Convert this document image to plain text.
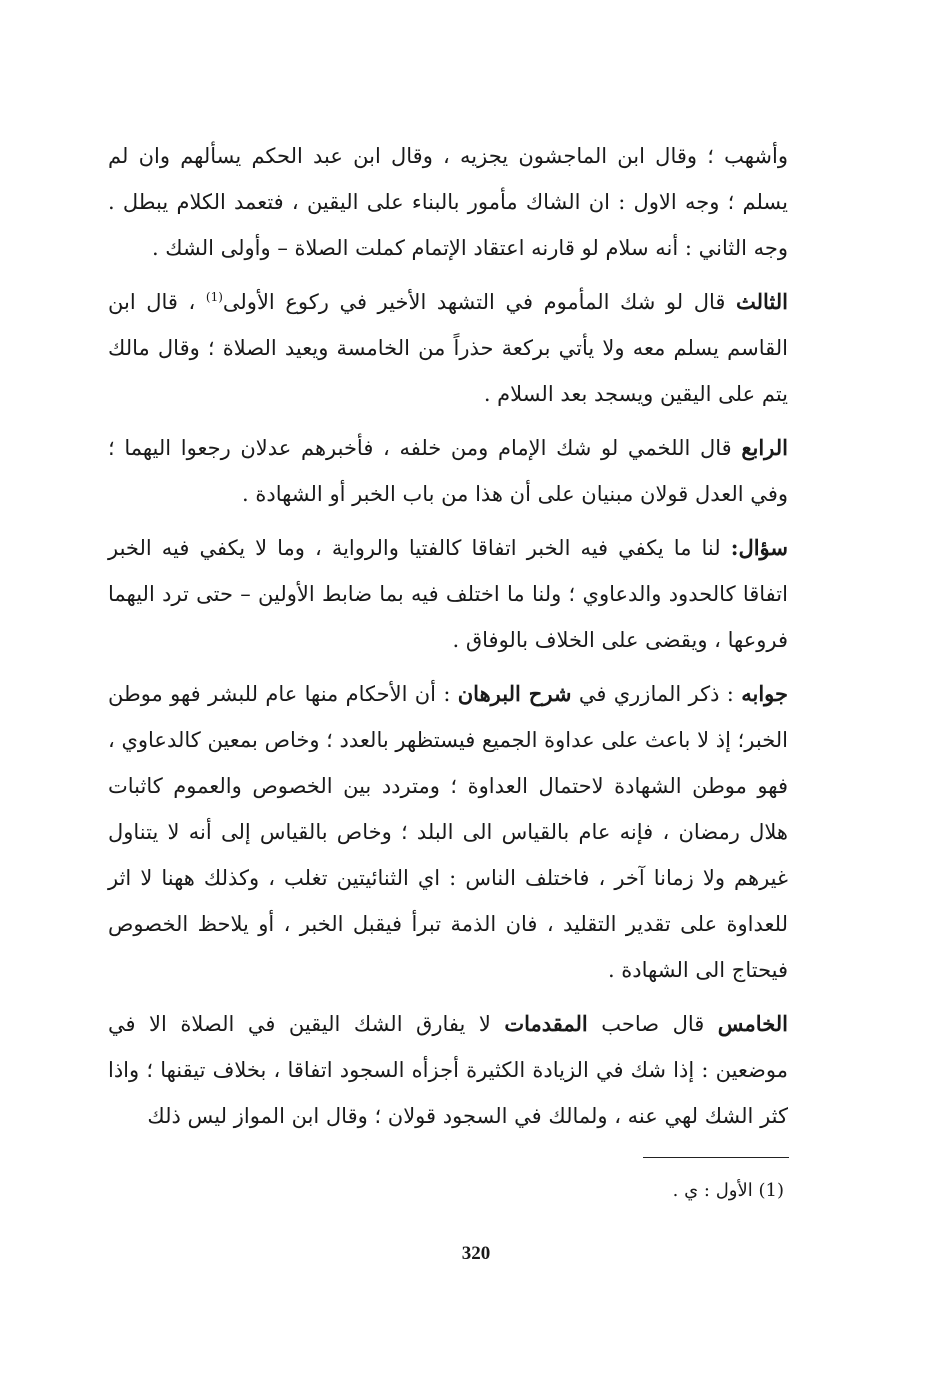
وأشهب ؛ وقال ابن الماجشون يجزيه ، وقال ابن عبد الحكم يسألهم وان لم يسلم ؛ وجه الاول : ان الشاك مأمور بالبناء على اليقين ، فتعمد الكلام يبطل . وجه الثاني : أنه سلام لو قارنه اعتقاد الإتمام كملت الصلاة – وأولى الشك .

الثالث قال لو شك المأموم في التشهد الأخير في ركوع الأولى$^{(1)}$ ، قال ابن القاسم يسلم معه ولا يأتي بركعة حذراً من الخامسة ويعيد الصلاة ؛ وقال مالك يتم على اليقين ويسجد بعد السلام .

الرابع قال اللخمي لو شك الإمام ومن خلفه ، فأخبرهم عدلان رجعوا اليهما ؛ وفي العدل قولان مبنيان على أن هذا من باب الخبر أو الشهادة .

سؤال: لنا ما يكفي فيه الخبر اتفاقا كالفتيا والرواية ، وما لا يكفي فيه الخبر اتفاقا كالحدود والدعاوي ؛ ولنا ما اختلف فيه بما ضابط الأولين – حتى ترد اليهما فروعها ، ويقضى على الخلاف بالوفاق .

جوابه : ذكر المازري في شرح البرهان : أن الأحكام منها عام للبشر فهو موطن الخبر؛ إذ لا باعث على عداوة الجميع فيستظهر بالعدد ؛ وخاص بمعين كالدعاوي ، فهو موطن الشهادة لاحتمال العداوة ؛ ومتردد بين الخصوص والعموم كاثبات هلال رمضان ، فإنه عام بالقياس الى البلد ؛ وخاص بالقياس إلى أنه لا يتناول غيرهم ولا زمانا آخر ، فاختلف الناس : اي الثنائيتين تغلب ، وكذلك ههنا لا اثر للعداوة على تقدير التقليد ، فان الذمة تبرأ فيقبل الخبر ، أو يلاحظ الخصوص فيحتاج الى الشهادة .

الخامس قال صاحب المقدمات لا يفارق الشك اليقين في الصلاة الا في موضعين : إذا شك في الزيادة الكثيرة أجزأه السجود اتفاقا ، بخلاف تيقنها ؛ واذا كثر الشك لهي عنه ، ولمالك في السجود قولان ؛ وقال ابن المواز ليس ذلك

(1) الأول : ي .
320
